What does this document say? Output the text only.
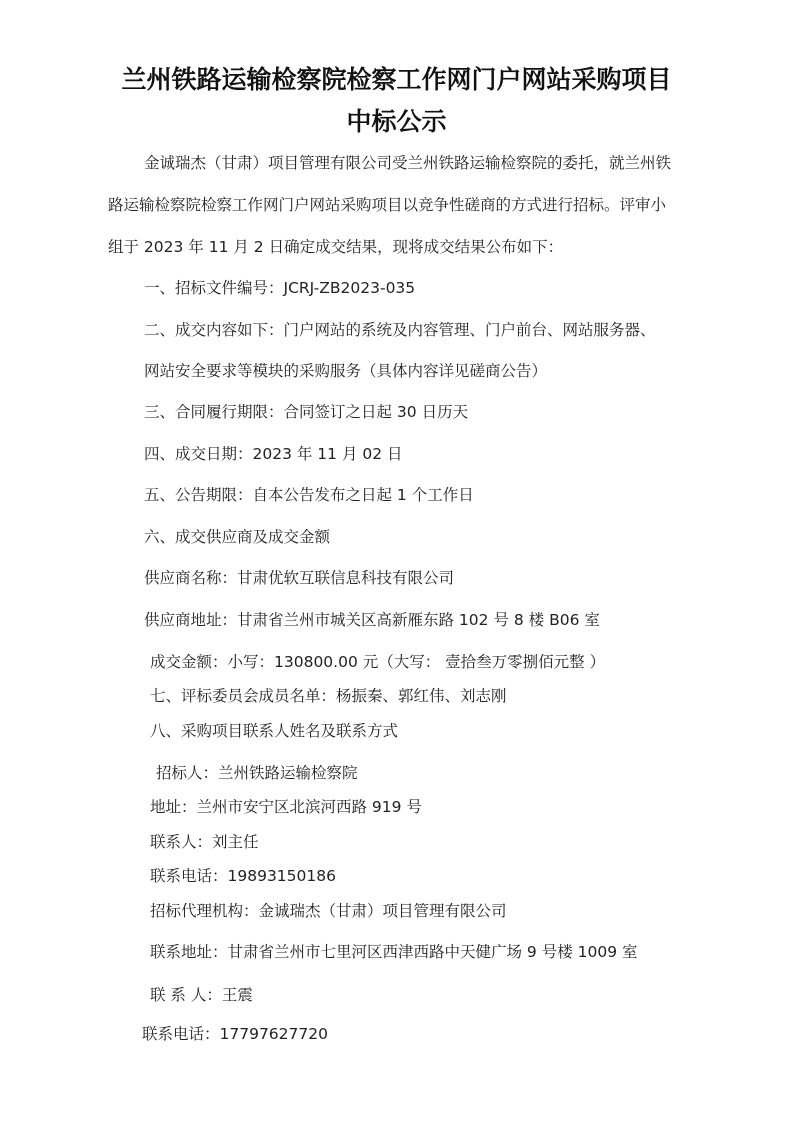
兰州铁路运输检察院检察工作网门户网站采购项目
中标公示
金诚瑞杰（甘肃）项目管理有限公司受兰州铁路运输检察院的委托，就兰州铁
路运输检察院检察工作网门户网站采购项目以竞争性磋商的方式进行招标。评审小
组于 2023 年 11 月 2 日确定成交结果，现将成交结果公布如下：
一、招标文件编号：JCRJ-ZB2023-035
二、成交内容如下：门户网站的系统及内容管理、门户前台、网站服务器、
网站安全要求等模块的采购服务（具体内容详见磋商公告）
三、合同履行期限：合同签订之日起 30 日历天
四、成交日期：2023 年 11 月 02 日
五、公告期限：自本公告发布之日起 1 个工作日
六、成交供应商及成交金额
供应商名称：甘肃优软互联信息科技有限公司
供应商地址：甘肃省兰州市城关区高新雁东路 102 号 8 楼 B06 室
成交金额：小写：130800.00 元（大写： 壹拾叁万零捌佰元整 ）
七、评标委员会成员名单：杨振秦、郭红伟、刘志刚
八、采购项目联系人姓名及联系方式
招标人：兰州铁路运输检察院
地址：兰州市安宁区北滨河西路 919 号
联系人：刘主任
联系电话：19893150186
招标代理机构：金诚瑞杰（甘肃）项目管理有限公司
联系地址：甘肃省兰州市七里河区西津西路中天健广场 9 号楼 1009 室
联 系 人：王震
联系电话：17797627720
